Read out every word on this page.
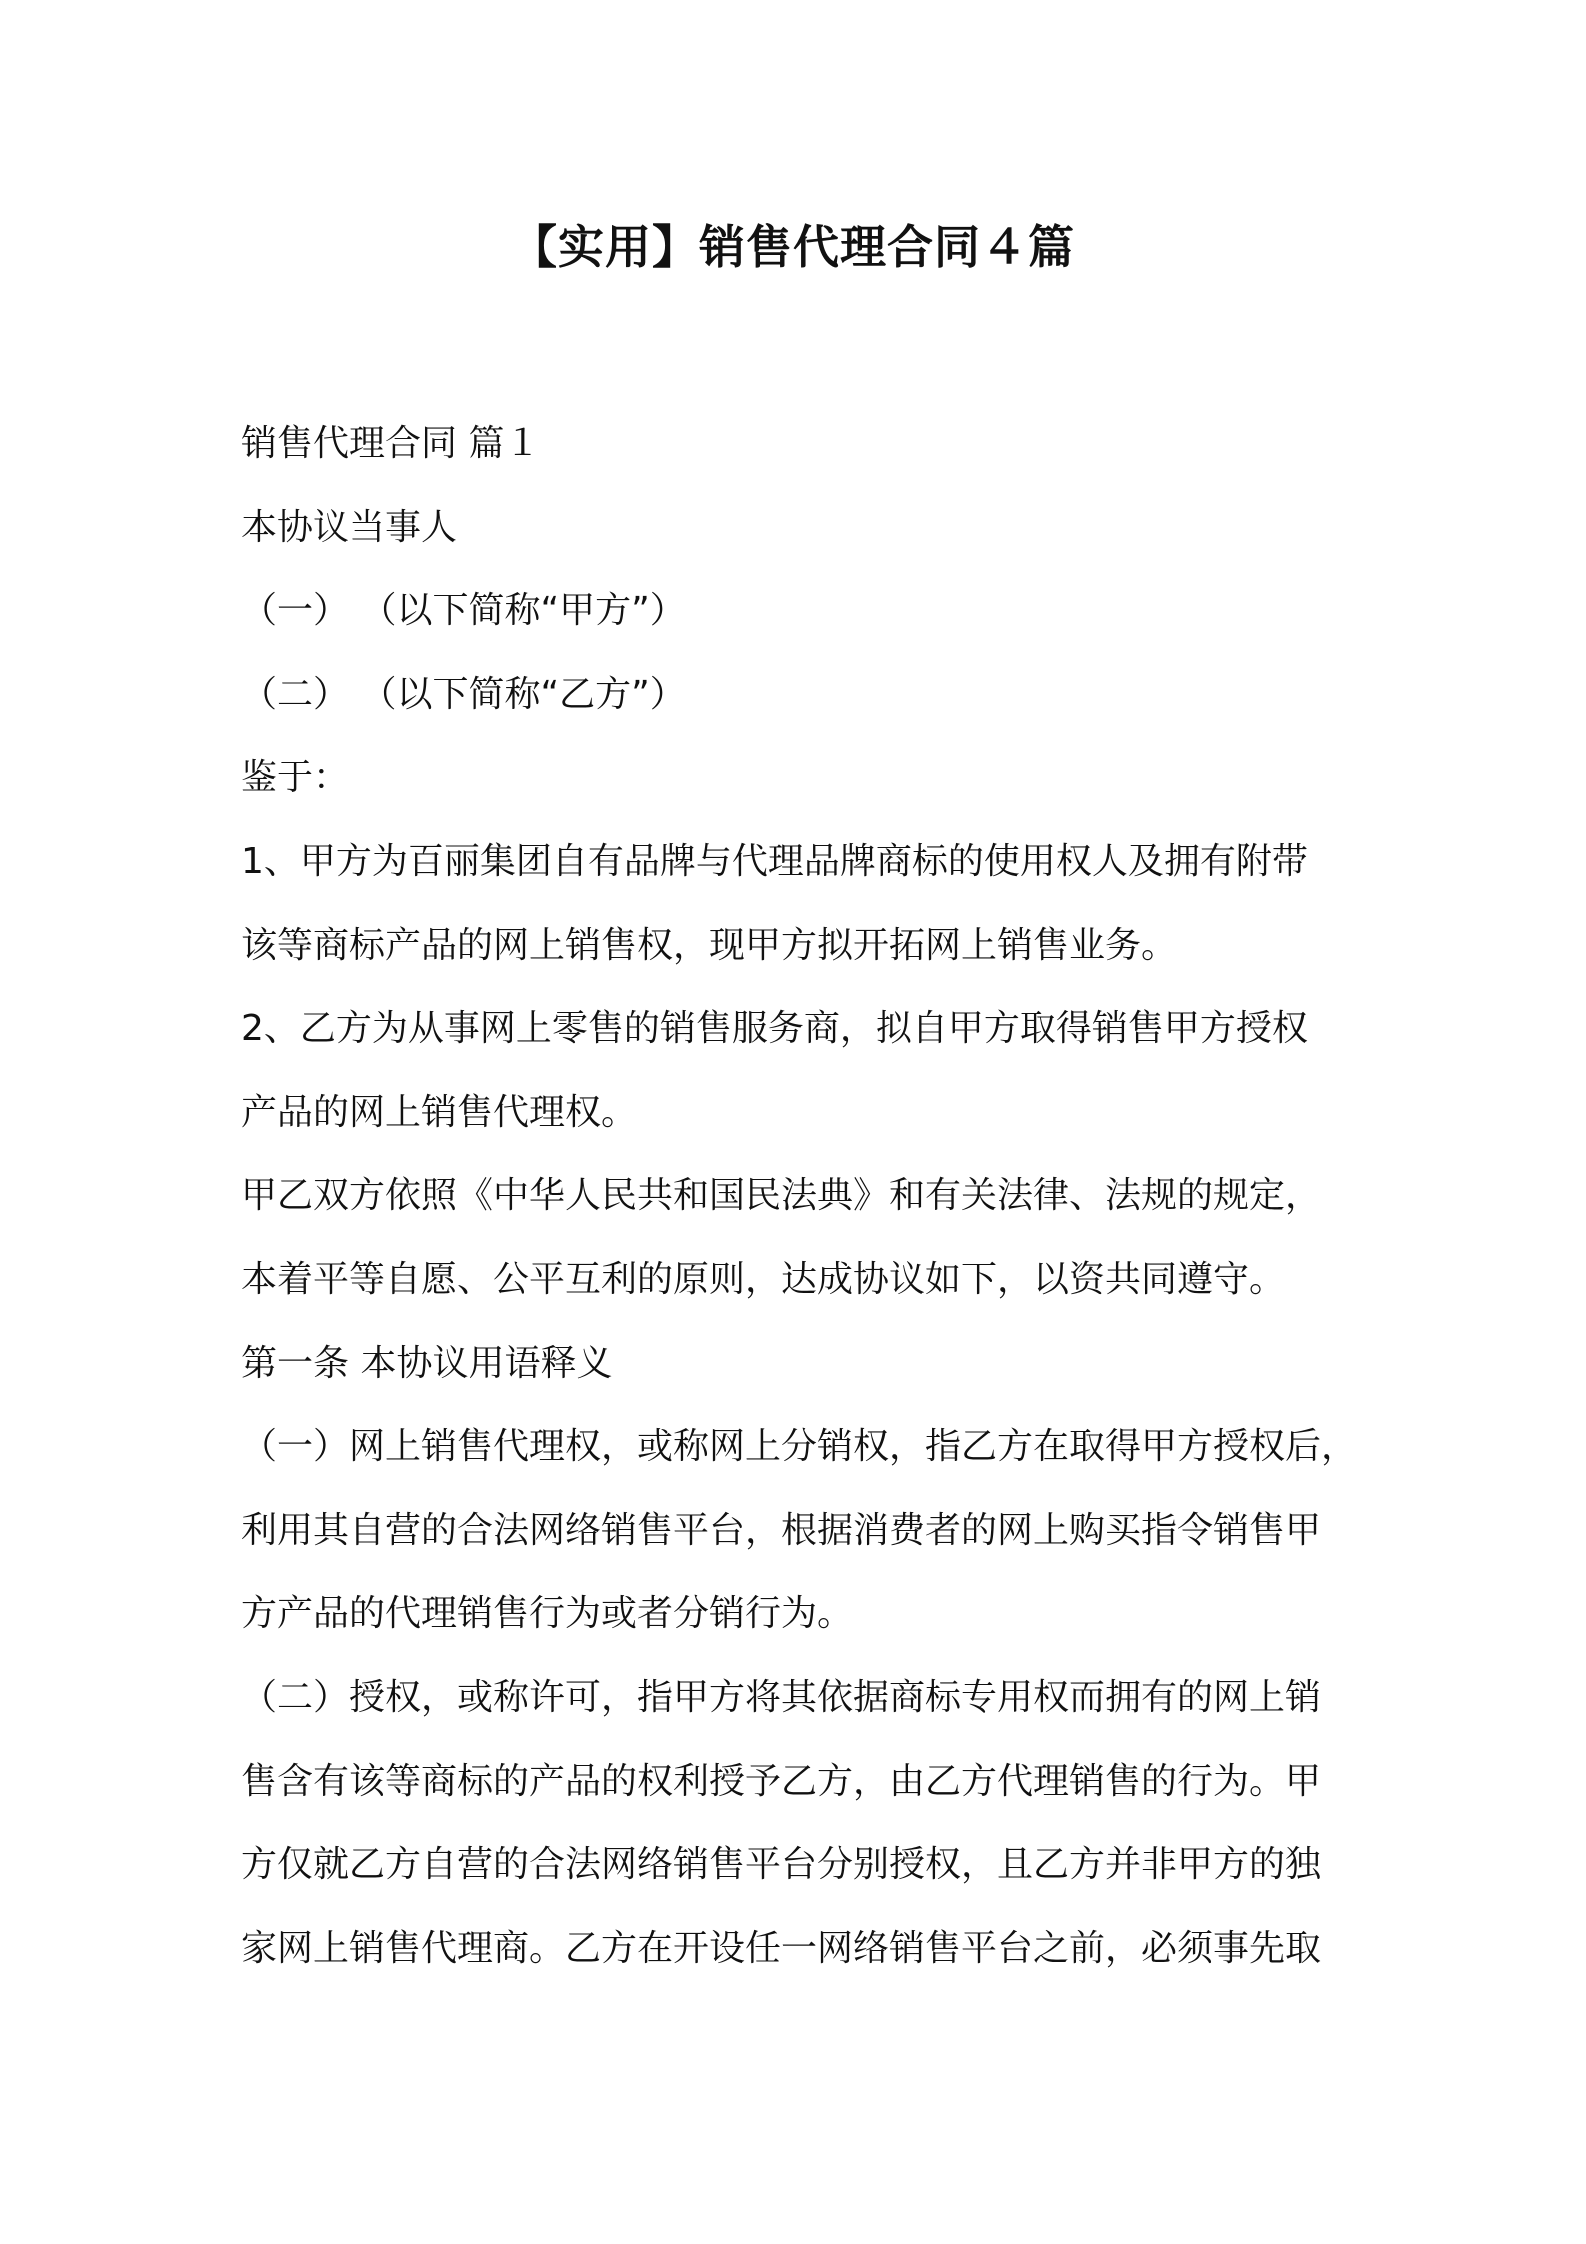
【实用】销售代理合同４篇

销售代理合同 篇１

本协议当事人

（一） （以下简称“甲方”）

（二） （以下简称“乙方”）

鉴于：

1、甲方为百丽集团自有品牌与代理品牌商标的使用权人及拥有附带

该等商标产品的网上销售权，现甲方拟开拓网上销售业务。

2、乙方为从事网上零售的销售服务商，拟自甲方取得销售甲方授权

产品的网上销售代理权。

甲乙双方依照《中华人民共和国民法典》和有关法律、法规的规定，

本着平等自愿、公平互利的原则，达成协议如下，以资共同遵守。

第一条 本协议用语释义

（一）网上销售代理权，或称网上分销权，指乙方在取得甲方授权后，

利用其自营的合法网络销售平台，根据消费者的网上购买指令销售甲

方产品的代理销售行为或者分销行为。

（二）授权，或称许可，指甲方将其依据商标专用权而拥有的网上销

售含有该等商标的产品的权利授予乙方，由乙方代理销售的行为。甲

方仅就乙方自营的合法网络销售平台分别授权，且乙方并非甲方的独

家网上销售代理商。乙方在开设任一网络销售平台之前，必须事先取
